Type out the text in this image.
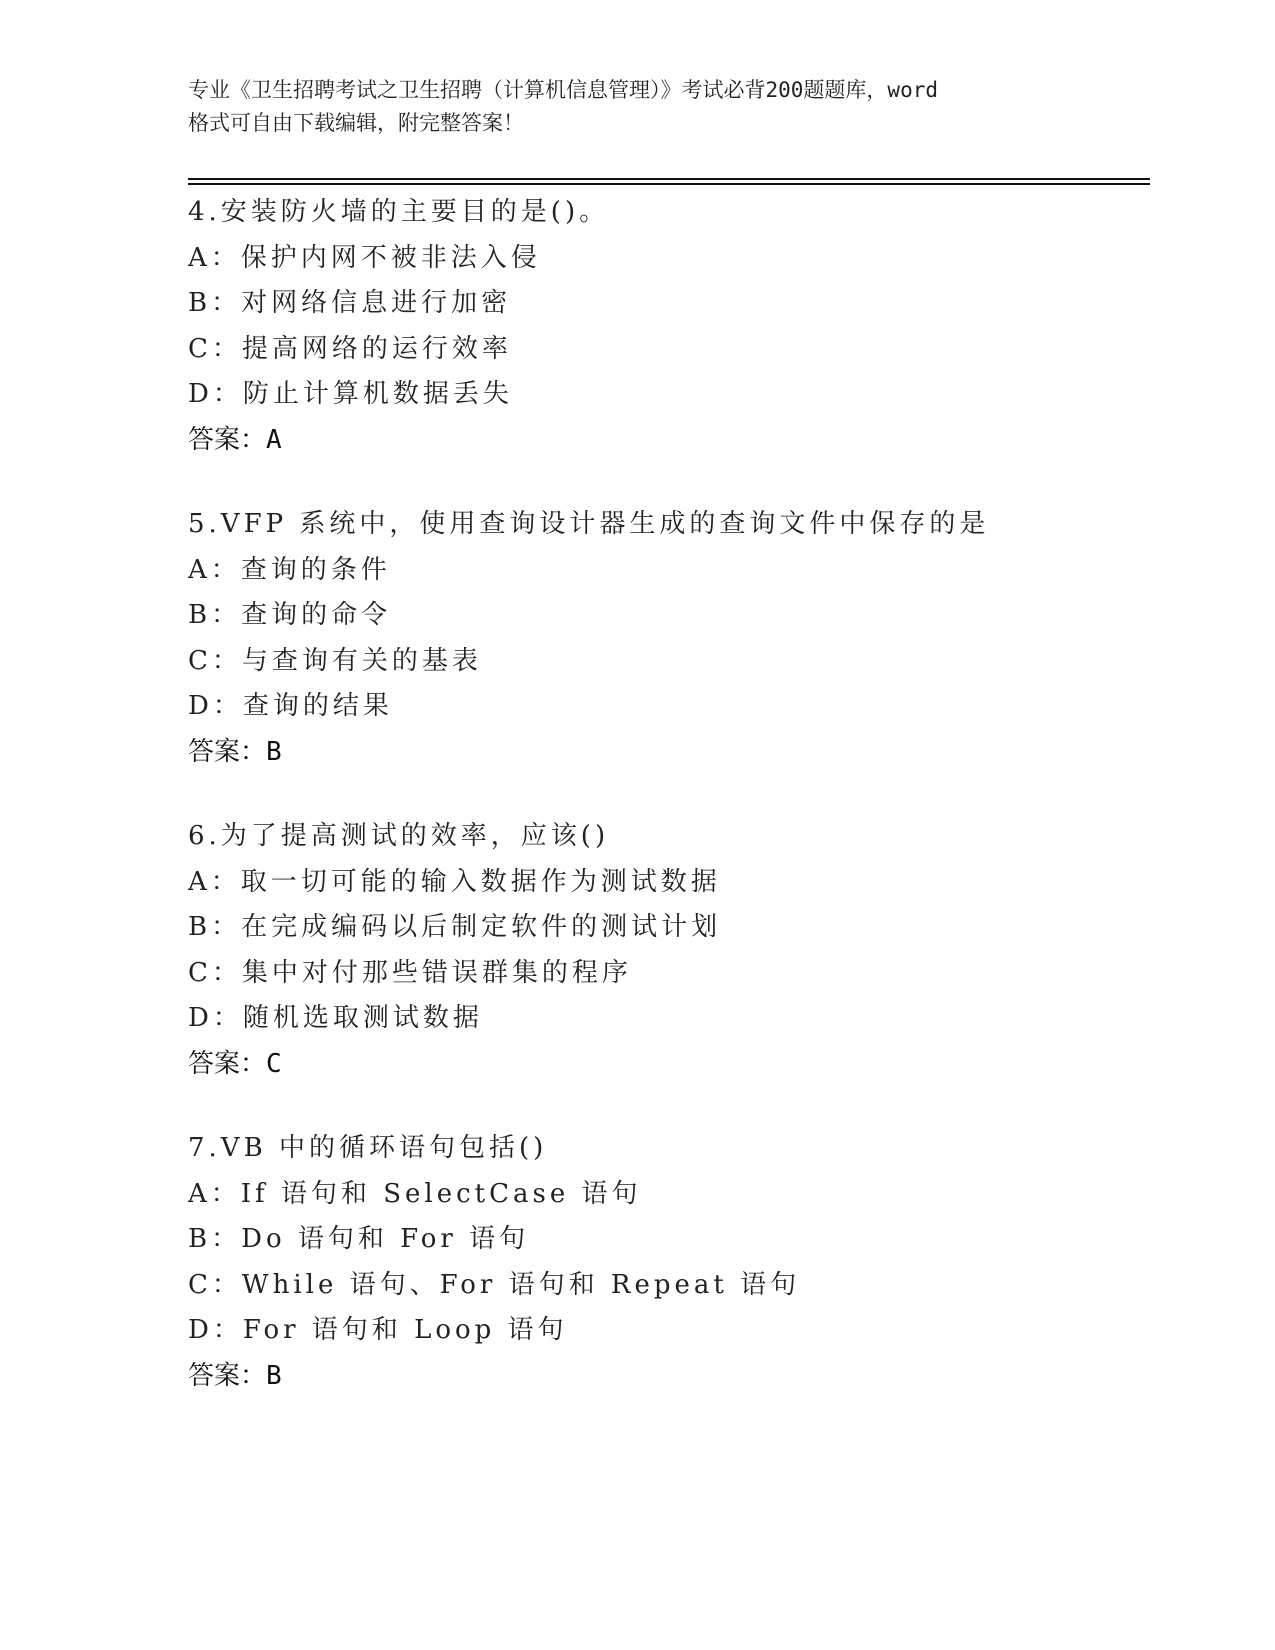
专业《卫生招聘考试之卫生招聘（计算机信息管理）》考试必背200题题库，word
格式可自由下载编辑，附完整答案！
4.安装防火墙的主要目的是()。
A：保护内网不被非法入侵
B：对网络信息进行加密
C：提高网络的运行效率
D：防止计算机数据丢失
答案：A
5.VFP 系统中，使用查询设计器生成的查询文件中保存的是
A：查询的条件
B：查询的命令
C：与查询有关的基表
D：查询的结果
答案：B
6.为了提高测试的效率，应该()
A：取一切可能的输入数据作为测试数据
B：在完成编码以后制定软件的测试计划
C：集中对付那些错误群集的程序
D：随机选取测试数据
答案：C
7.VB 中的循环语句包括()
A：If 语句和 SelectCase 语句
B：Do 语句和 For 语句
C：While 语句、For 语句和 Repeat 语句
D：For 语句和 Loop 语句
答案：B
